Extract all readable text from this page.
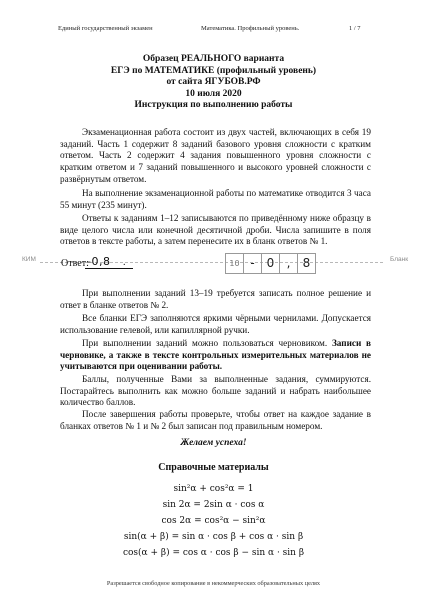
Единый государственный экзамен	Математика. Профильный уровень.	1 / 7
Образец РЕАЛЬНОГО варианта
ЕГЭ по МАТЕМАТИКЕ (профильный уровень)
от сайта ЯГУБОВ.РФ
10 июля 2020
Инструкция по выполнению работы
Экзаменационная работа состоит из двух частей, включающих в себя 19 заданий. Часть 1 содержит 8 заданий базового уровня сложности с кратким ответом. Часть 2 содержит 4 задания повышенного уровня сложности с кратким ответом и 7 заданий повышенного и высокого уровней сложности с развёрнутым ответом.
На выполнение экзаменационной работы по математике отводится 3 часа 55 минут (235 минут).
Ответы к заданиям 1–12 записываются по приведённому ниже образцу в виде целого числа или конечной десятичной дроби. Числа запишите в поля ответов в тексте работы, а затем перенесите их в бланк ответов № 1.
КИМ	Бланк
Ответ:
-0,8 .	10 -	0	,	8
При выполнении заданий 13–19 требуется записать полное решение и ответ в бланке ответов № 2.
Все бланки ЕГЭ заполняются яркими чёрными чернилами. Допускается использование гелевой, или капиллярной ручки.
При выполнении заданий можно пользоваться черновиком. Записи в черновике, а также в тексте контрольных измерительных материалов не учитываются при оценивании работы.
Баллы, полученные Вами за выполненные задания, суммируются. Постарайтесь выполнить как можно больше заданий и набрать наибольшее количество баллов.
После завершения работы проверьте, чтобы ответ на каждое задание в бланках ответов № 1 и № 2 был записан под правильным номером.
Желаем успеха!
Справочные материалы
sin²α + cos²α = 1
sin 2α = 2sin α · cos α
cos 2α = cos²α − sin²α
sin(α + β) = sin α · cos β + cos α · sin β
cos(α + β) = cos α · cos β − sin α · sin β
Разрешается свободное копирование в некоммерческих образовательных целях
